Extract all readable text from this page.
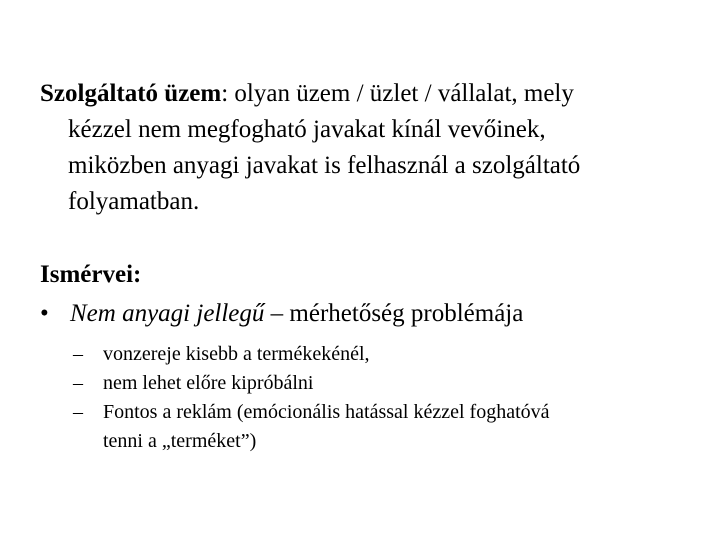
Szolgáltató üzem: olyan üzem / üzlet / vállalat, mely
kézzel nem megfogható javakat kínál vevőinek,
miközben anyagi javakat is felhasznál a szolgáltató
folyamatban.

Ismérvei:

• Nem anyagi jellegű – mérhetőség problémája
– vonzereje kisebb a termékekénél,
– nem lehet előre kipróbálni
– Fontos a reklám (emócionális hatással kézzel foghatóvá
tenni a „terméket”)
